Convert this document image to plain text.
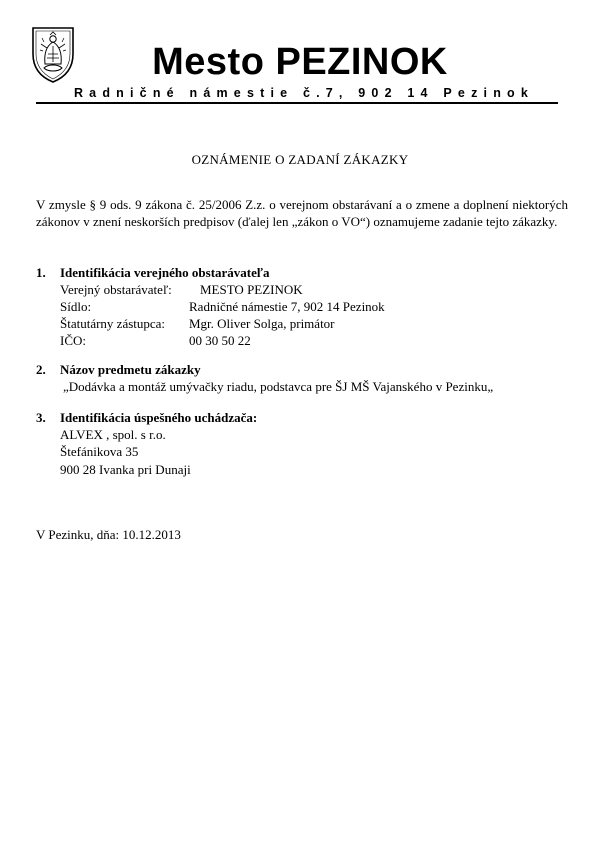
Mesto PEZINOK
Radničné námestie č.7, 902 14 Pezinok
OZNÁMENIE O ZADANÍ ZÁKAZKY
V zmysle § 9 ods. 9 zákona č. 25/2006 Z.z. o verejnom obstarávaní a o zmene a doplnení niektorých zákonov v znení neskorších predpisov (ďalej len „zákon o VO“) oznamujeme zadanie tejto zákazky.
1. Identifikácia verejného obstarávateľa
Verejný obstarávateľ: MESTO PEZINOK
Sídlo:	Radničné námestie 7, 902 14 Pezinok
Štatutárny zástupca: Mgr. Oliver Solga, primátor
IČO:	00 30 50 22
2. Názov predmetu zákazky
„Dodávka a montáž umývačky riadu, podstavca pre ŠJ MŠ Vajanského v Pezinku„
3. Identifikácia úspešného uchádzača:
ALVEX , spol. s r.o.
Štefánikova 35
900 28 Ivanka pri Dunaji
V Pezinku, dňa: 10.12.2013
